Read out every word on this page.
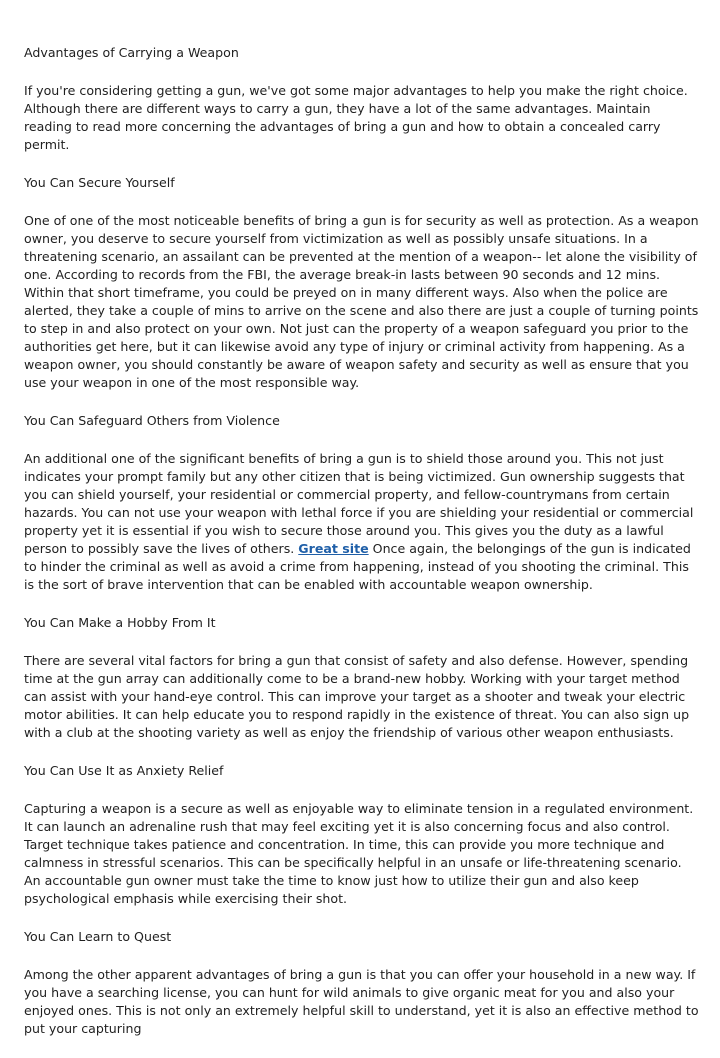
Advantages of Carrying a Weapon

If you're considering getting a gun, we've got some major advantages to help you make the right choice. Although there are different ways to carry a gun, they have a lot of the same advantages. Maintain reading to read more concerning the advantages of bring a gun and how to obtain a concealed carry permit.

You Can Secure Yourself

One of one of the most noticeable benefits of bring a gun is for security as well as protection. As a weapon owner, you deserve to secure yourself from victimization as well as possibly unsafe situations. In a threatening scenario, an assailant can be prevented at the mention of a weapon-- let alone the visibility of one. According to records from the FBI, the average break-in lasts between 90 seconds and 12 mins. Within that short timeframe, you could be preyed on in many different ways. Also when the police are alerted, they take a couple of mins to arrive on the scene and also there are just a couple of turning points to step in and also protect on your own. Not just can the property of a weapon safeguard you prior to the authorities get here, but it can likewise avoid any type of injury or criminal activity from happening. As a weapon owner, you should constantly be aware of weapon safety and security as well as ensure that you use your weapon in one of the most responsible way.

You Can Safeguard Others from Violence

An additional one of the significant benefits of bring a gun is to shield those around you. This not just indicates your prompt family but any other citizen that is being victimized. Gun ownership suggests that you can shield yourself, your residential or commercial property, and fellow-countrymans from certain hazards. You can not use your weapon with lethal force if you are shielding your residential or commercial property yet it is essential if you wish to secure those around you. This gives you the duty as a lawful person to possibly save the lives of others. Great site Once again, the belongings of the gun is indicated to hinder the criminal as well as avoid a crime from happening, instead of you shooting the criminal. This is the sort of brave intervention that can be enabled with accountable weapon ownership.

You Can Make a Hobby From It

There are several vital factors for bring a gun that consist of safety and also defense. However, spending time at the gun array can additionally come to be a brand-new hobby. Working with your target method can assist with your hand-eye control. This can improve your target as a shooter and tweak your electric motor abilities. It can help educate you to respond rapidly in the existence of threat. You can also sign up with a club at the shooting variety as well as enjoy the friendship of various other weapon enthusiasts.

You Can Use It as Anxiety Relief

Capturing a weapon is a secure as well as enjoyable way to eliminate tension in a regulated environment. It can launch an adrenaline rush that may feel exciting yet it is also concerning focus and also control. Target technique takes patience and concentration. In time, this can provide you more technique and calmness in stressful scenarios. This can be specifically helpful in an unsafe or life-threatening scenario. An accountable gun owner must take the time to know just how to utilize their gun and also keep psychological emphasis while exercising their shot.

You Can Learn to Quest

Among the other apparent advantages of bring a gun is that you can offer your household in a new way. If you have a searching license, you can hunt for wild animals to give organic meat for you and also your enjoyed ones. This is not only an extremely helpful skill to understand, yet it is also an effective method to put your capturing
